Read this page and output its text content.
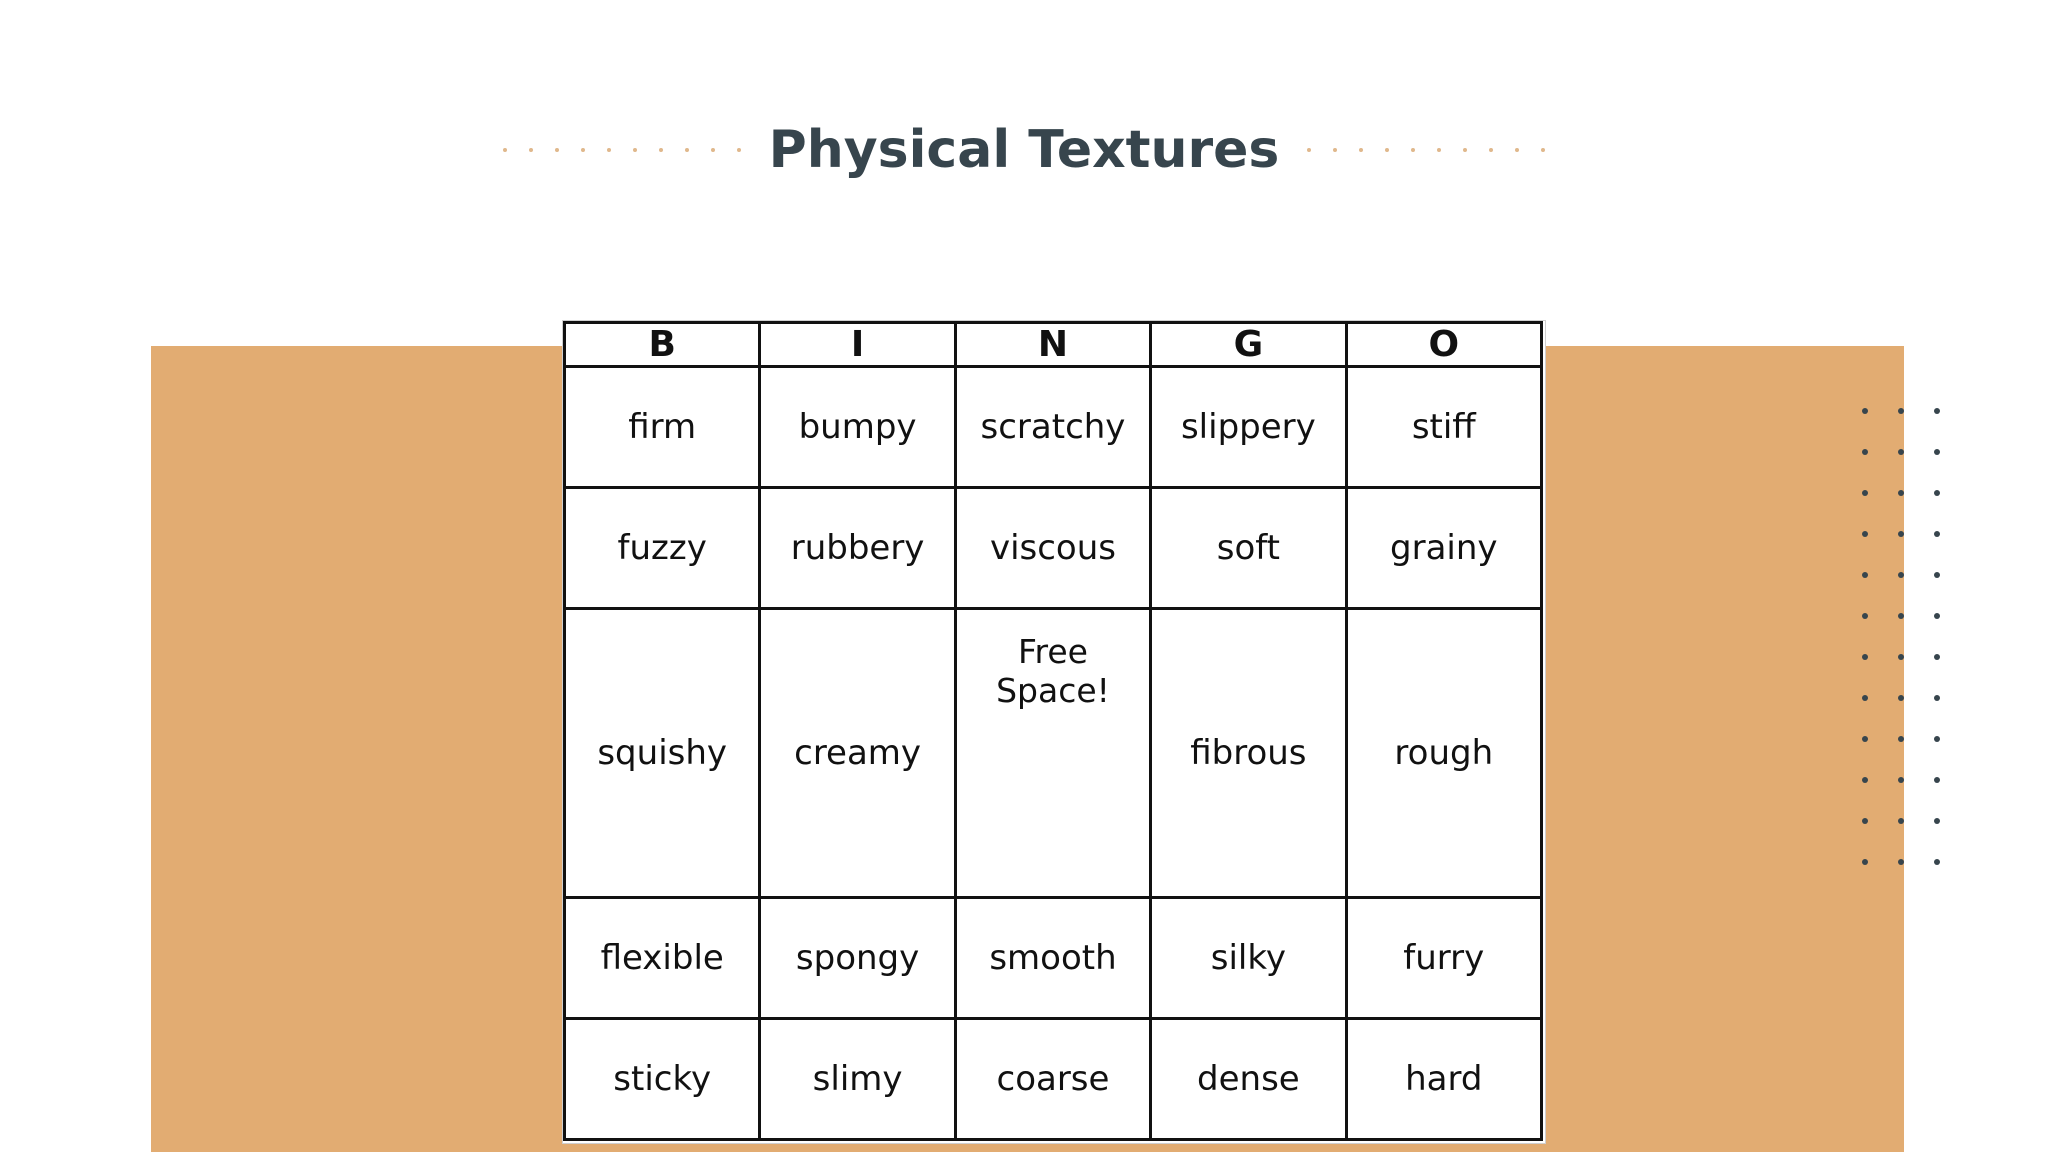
Physical Textures
B	I	N	G	O
firm	bumpy	scratchy	slippery	stiff
fuzzy	rubbery	viscous	soft	grainy
squishy	creamy	Free Space!	fibrous	rough
flexible	spongy	smooth	silky	furry
sticky	slimy	coarse	dense	hard
